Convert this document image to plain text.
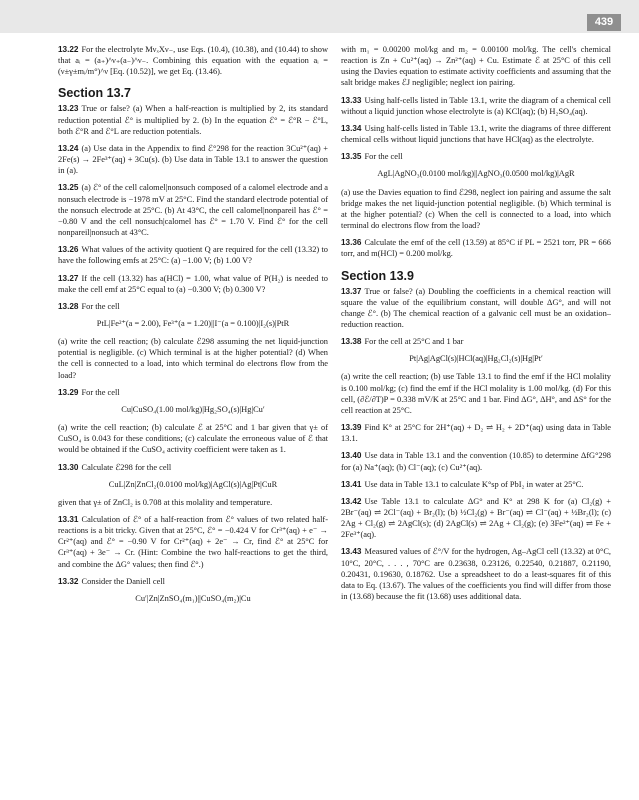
439

13.22 For the electrolyte MνₓXν₋, use Eqs. (10.4), (10.38), and (10.44) to show that aᵢ = (a₊)^ν₊(a₋)^ν₋. Combining this equation with the equation aᵢ = (ν±γ±mᵢ/m°)^ν [Eq. (10.52)], we get Eq. (13.46).

Section 13.7

13.23 True or false? (a) When a half-reaction is multiplied by 2, its standard reduction potential ℰ° is multiplied by 2. (b) In the equation ℰ° = ℰ°R − ℰ°L, both ℰ°R and ℰ°L are reduction potentials.

13.24 (a) Use data in the Appendix to find ℰ°298 for the reaction 3Cu²⁺(aq) + 2Fe(s) → 2Fe³⁺(aq) + 3Cu(s). (b) Use data in Table 13.1 to answer the question in (a).

13.25 (a) ℰ° of the cell calomel|nonsuch composed of a calomel electrode and a nonsuch electrode is −1978 mV at 25°C. Find the standard electrode potential of the nonsuch electrode at 25°C. (b) At 43°C, the cell calomel|nonpareil has ℰ° = −0.80 V and the cell nonsuch|calomel has ℰ° = 1.70 V. Find ℰ° for the cell nonpareil|nonsuch at 43°C.

13.26 What values of the activity quotient Q are required for the cell (13.32) to have the following emfs at 25°C: (a) −1.00 V; (b) 1.00 V?

13.27 If the cell (13.32) has a(HCl) = 1.00, what value of P(H₂) is needed to make the cell emf at 25°C equal to (a) −0.300 V; (b) 0.300 V?

13.28 For the cell

PtL|Fe²⁺(a = 2.00), Fe³⁺(a = 1.20)||I⁻(a = 0.100)|I₂(s)|PtR

(a) write the cell reaction; (b) calculate ℰ298 assuming the net liquid-junction potential is negligible. (c) Which terminal is at the higher potential? (d) When the cell is connected to a load, into which terminal do electrons flow from the load?

13.29 For the cell

Cu|CuSO₄(1.00 mol/kg)|Hg₂SO₄(s)|Hg|Cu′

(a) write the cell reaction; (b) calculate ℰ at 25°C and 1 bar given that γ± of CuSO₄ is 0.043 for these conditions; (c) calculate the erroneous value of ℰ that would be obtained if the CuSO₄ activity coefficient were taken as 1.

13.30 Calculate ℰ298 for the cell

CuL|Zn|ZnCl₂(0.0100 mol/kg)|AgCl(s)|Ag|Pt|CuR

given that γ± of ZnCl₂ is 0.708 at this molality and temperature.

13.31 Calculation of ℰ° of a half-reaction from ℰ° values of two related half-reactions is a bit tricky. Given that at 25°C, ℰ° = −0.424 V for Cr³⁺(aq) + e⁻ → Cr²⁺(aq) and ℰ° = −0.90 V for Cr²⁺(aq) + 2e⁻ → Cr, find ℰ° at 25°C for Cr³⁺(aq) + 3e⁻ → Cr. (Hint: Combine the two half-reactions to get the third, and combine the ΔG° values; then find ℰ°.)

13.32 Consider the Daniell cell

Cu′|Zn|ZnSO₄(m₁)||CuSO₄(m₂)|Cu

with m₁ = 0.00200 mol/kg and m₂ = 0.00100 mol/kg. The cell's chemical reaction is Zn + Cu²⁺(aq) → Zn²⁺(aq) + Cu. Estimate ℰ at 25°C of this cell using the Davies equation to estimate activity coefficients and assuming that the salt bridge makes ℰJ negligible; neglect ion pairing.

13.33 Using half-cells listed in Table 13.1, write the diagram of a chemical cell without a liquid junction whose electrolyte is (a) KCl(aq); (b) H₂SO₄(aq).

13.34 Using half-cells listed in Table 13.1, write the diagrams of three different chemical cells without liquid junctions that have HCl(aq) as the electrolyte.

13.35 For the cell

AgL|AgNO₃(0.0100 mol/kg)||AgNO₃(0.0500 mol/kg)|AgR

(a) use the Davies equation to find ℰ298, neglect ion pairing and assume the salt bridge makes the net liquid-junction potential negligible. (b) Which terminal is at the higher potential? (c) When the cell is connected to a load, into which terminal do electrons flow from the load?

13.36 Calculate the emf of the cell (13.59) at 85°C if PL = 2521 torr, PR = 666 torr, and m(HCl) = 0.200 mol/kg.

Section 13.9

13.37 True or false? (a) Doubling the coefficients in a chemical reaction will square the value of the equilibrium constant, will double ΔG°, and will not change ℰ°. (b) The chemical reaction of a galvanic cell must be an oxidation–reduction reaction.

13.38 For the cell at 25°C and 1 bar

Pt|Ag|AgCl(s)|HCl(aq)|Hg₂Cl₂(s)|Hg|Pt′

(a) write the cell reaction; (b) use Table 13.1 to find the emf if the HCl molality is 0.100 mol/kg; (c) find the emf if the HCl molality is 1.00 mol/kg. (d) For this cell, (∂ℰ/∂T)P = 0.338 mV/K at 25°C and 1 bar. Find ΔG°, ΔH°, and ΔS° for the cell reaction at 25°C.

13.39 Find K° at 25°C for 2H⁺(aq) + D₂ ⇌ H₂ + 2D⁺(aq) using data in Table 13.1.

13.40 Use data in Table 13.1 and the convention (10.85) to determine ΔfG°298 for (a) Na⁺(aq); (b) Cl⁻(aq); (c) Cu²⁺(aq).

13.41 Use data in Table 13.1 to calculate K°sp of PbI₂ in water at 25°C.

13.42 Use Table 13.1 to calculate ΔG° and K° at 298 K for (a) Cl₂(g) + 2Br⁻(aq) ⇌ 2Cl⁻(aq) + Br₂(l); (b) ½Cl₂(g) + Br⁻(aq) ⇌ Cl⁻(aq) + ½Br₂(l); (c) 2Ag + Cl₂(g) ⇌ 2AgCl(s); (d) 2AgCl(s) ⇌ 2Ag + Cl₂(g); (e) 3Fe²⁺(aq) ⇌ Fe + 2Fe³⁺(aq).

13.43 Measured values of ℰ°/V for the hydrogen, Ag–AgCl cell (13.32) at 0°C, 10°C, 20°C, . . . , 70°C are 0.23638, 0.23126, 0.22540, 0.21887, 0.21190, 0.20431, 0.19630, 0.18762. Use a spreadsheet to do a least-squares fit of this data to Eq. (13.67). The values of the coefficients you find will differ from those in (13.68) because the fit (13.68) uses additional data.
